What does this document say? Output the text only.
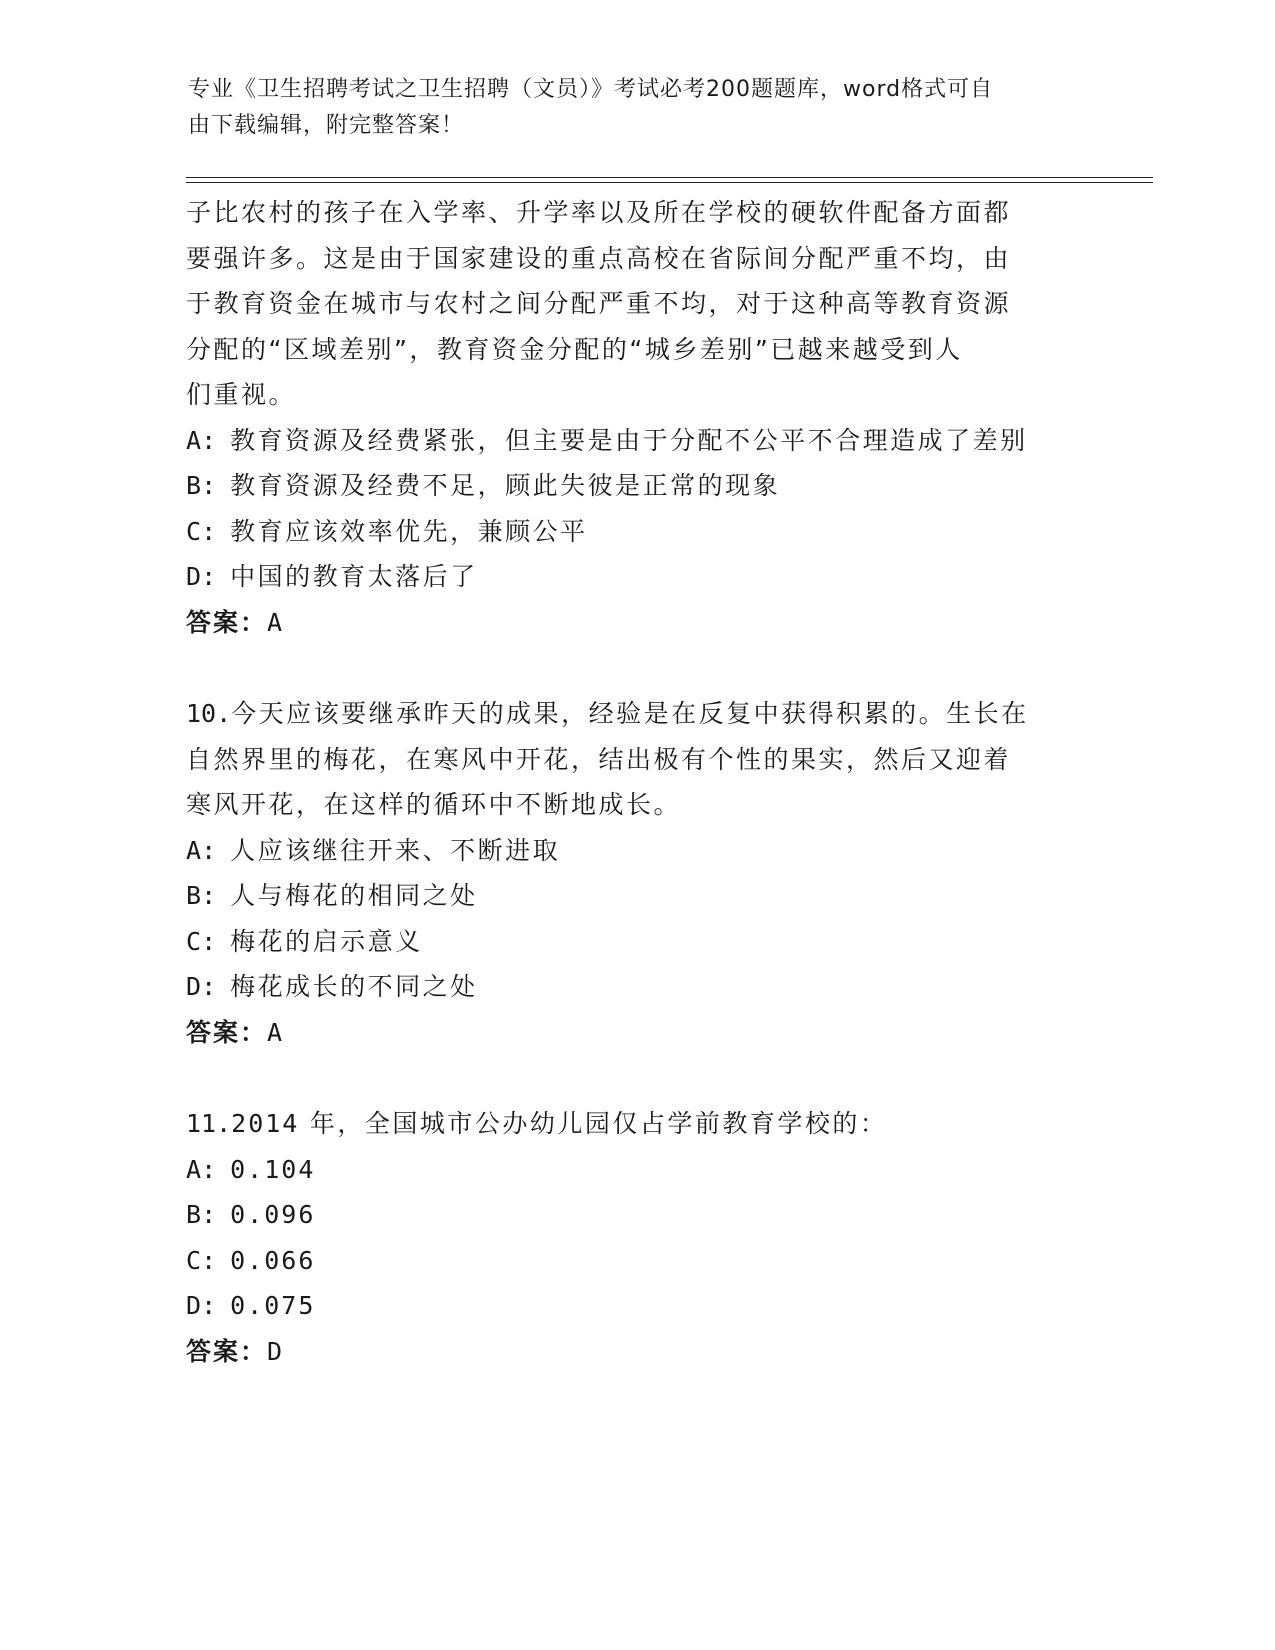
专业《卫生招聘考试之卫生招聘（文员）》考试必考200题题库，word格式可自
由下载编辑，附完整答案！

子比农村的孩子在入学率、升学率以及所在学校的硬软件配备方面都

要强许多。这是由于国家建设的重点高校在省际间分配严重不均，由

于教育资金在城市与农村之间分配严重不均，对于这种高等教育资源

分配的“区域差别”，教育资金分配的“城乡差别”已越来越受到人

们重视。

A: 教育资源及经费紧张，但主要是由于分配不公平不合理造成了差别

B: 教育资源及经费不足，顾此失彼是正常的现象

C: 教育应该效率优先，兼顾公平

D: 中国的教育太落后了

答案：A

10.今天应该要继承昨天的成果，经验是在反复中获得积累的。生长在

自然界里的梅花，在寒风中开花，结出极有个性的果实，然后又迎着

寒风开花，在这样的循环中不断地成长。

A: 人应该继往开来、不断进取

B: 人与梅花的相同之处

C: 梅花的启示意义

D: 梅花成长的不同之处

答案：A

11.2014 年，全国城市公办幼儿园仅占学前教育学校的：

A: 0.104

B: 0.096

C: 0.066

D: 0.075

答案：D
